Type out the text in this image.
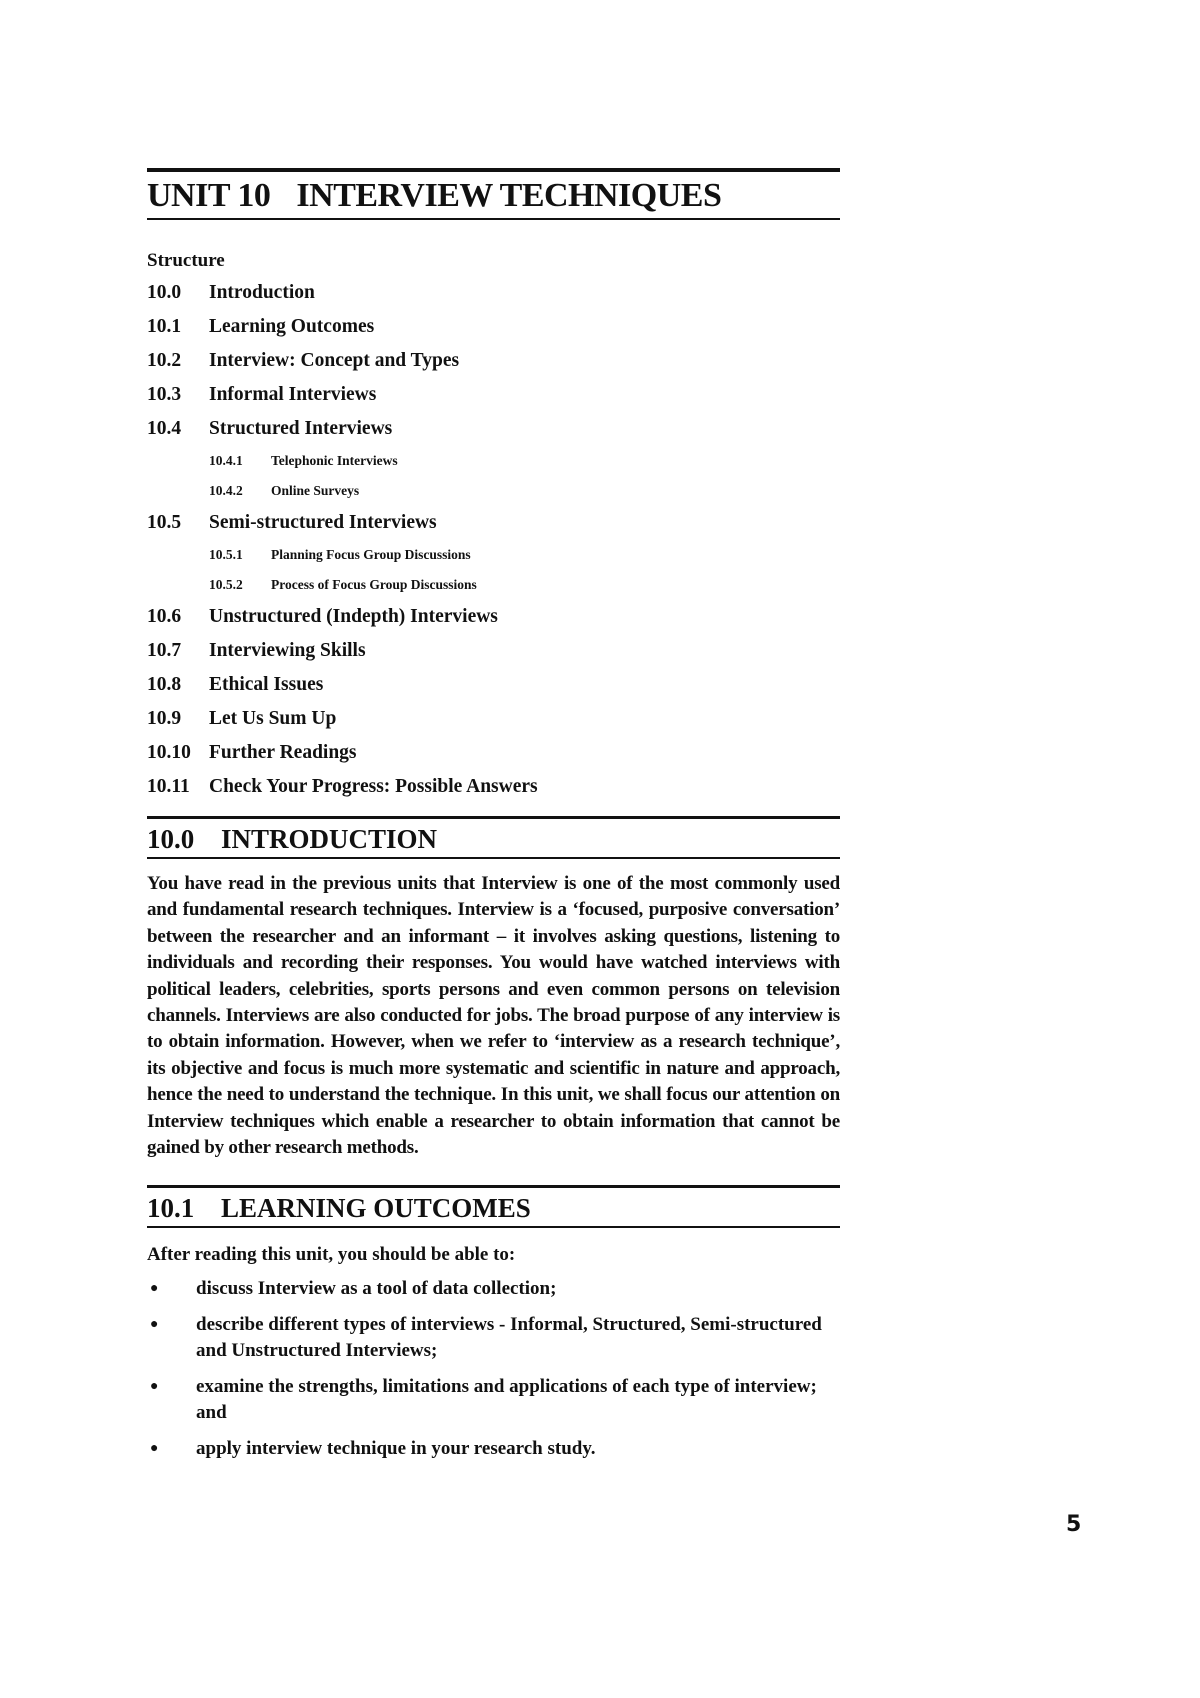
UNIT 10 INTERVIEW TECHNIQUES
Structure
10.0	Introduction
10.1	Learning Outcomes
10.2	Interview: Concept and Types
10.3	Informal Interviews
10.4	Structured Interviews
10.4.1	Telephonic Interviews
10.4.2	Online Surveys
10.5	Semi-structured Interviews
10.5.1	Planning Focus Group Discussions
10.5.2	Process of Focus Group Discussions
10.6	Unstructured (Indepth) Interviews
10.7	Interviewing Skills
10.8	Ethical Issues
10.9	Let Us Sum Up
10.10 Further Readings
10.11 Check Your Progress: Possible Answers
10.0 INTRODUCTION

You have read in the previous units that Interview is one of the most commonly used and fundamental research techniques. Interview is a ‘focused, purposive conversation’ between the researcher and an informant – it involves asking questions, listening to individuals and recording their responses. You would have watched interviews with political leaders, celebrities, sports persons and even common persons on television channels. Interviews are also conducted for jobs. The broad purpose of any interview is to obtain information. However, when we refer to ‘interview as a research technique’, its objective and focus is much more systematic and scientific in nature and approach, hence the need to understand the technique. In this unit, we shall focus our attention on Interview techniques which enable a researcher to obtain information that cannot be gained by other research methods.

10.1 LEARNING OUTCOMES
After reading this unit, you should be able to:
●	discuss Interview as a tool of data collection;
●	describe different types of interviews - Informal, Structured, Semi-structured and Unstructured Interviews;
●	examine the strengths, limitations and applications of each type of interview; and
●	apply interview technique in your research study.
5
